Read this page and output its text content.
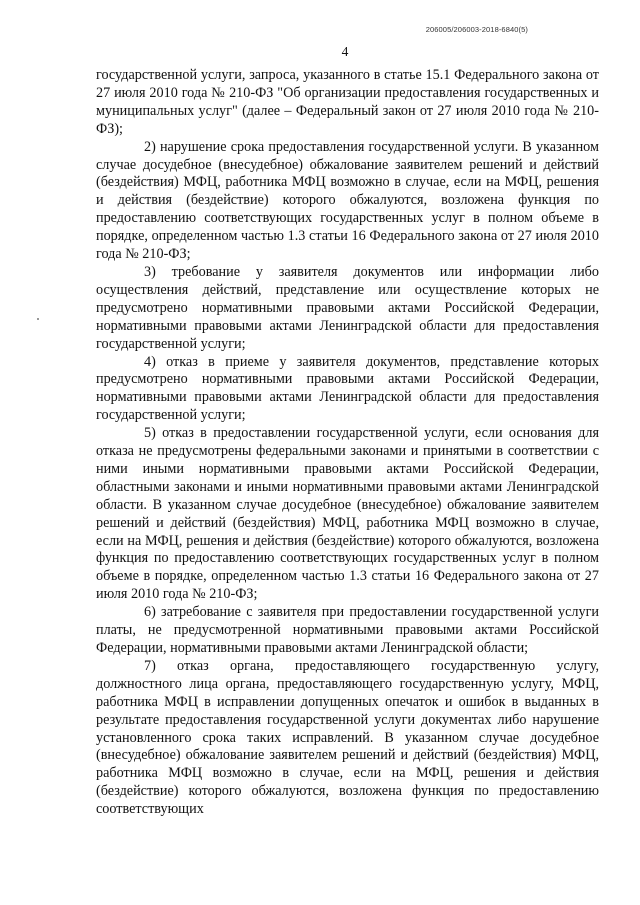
206005/206003-2018-6840(5)
4

государственной услуги, запроса, указанного в статье 15.1 Федерального закона от 27 июля 2010 года № 210-ФЗ "Об организации предоставления государственных и муниципальных услуг" (далее – Федеральный закон от 27 июля 2010 года № 210-ФЗ);

2) нарушение срока предоставления государственной услуги. В указанном случае досудебное (внесудебное) обжалование заявителем решений и действий (бездействия) МФЦ, работника МФЦ возможно в случае, если на МФЦ, решения и действия (бездействие) которого обжалуются, возложена функция по предоставлению соответствующих государственных услуг в полном объеме в порядке, определенном частью 1.3 статьи 16 Федерального закона от 27 июля 2010 года № 210-ФЗ;

3) требование у заявителя документов или информации либо осуществления действий, представление или осуществление которых не предусмотрено нормативными правовыми актами Российской Федерации, нормативными правовыми актами Ленинградской области для предоставления государственной услуги;

4) отказ в приеме у заявителя документов, представление которых предусмотрено нормативными правовыми актами Российской Федерации, нормативными правовыми актами Ленинградской области для предоставления государственной услуги;

5) отказ в предоставлении государственной услуги, если основания для отказа не предусмотрены федеральными законами и принятыми в соответствии с ними иными нормативными правовыми актами Российской Федерации, областными законами и иными нормативными правовыми актами Ленинградской области. В указанном случае досудебное (внесудебное) обжалование заявителем решений и действий (бездействия) МФЦ, работника МФЦ возможно в случае, если на МФЦ, решения и действия (бездействие) которого обжалуются, возложена функция по предоставлению соответствующих государственных услуг в полном объеме в порядке, определенном частью 1.3 статьи 16 Федерального закона от 27 июля 2010 года № 210-ФЗ;

6) затребование с заявителя при предоставлении государственной услуги платы, не предусмотренной нормативными правовыми актами Российской Федерации, нормативными правовыми актами Ленинградской области;

7) отказ органа, предоставляющего государственную услугу, должностного лица органа, предоставляющего государственную услугу, МФЦ, работника МФЦ в исправлении допущенных опечаток и ошибок в выданных в результате предоставления государственной услуги документах либо нарушение установленного срока таких исправлений. В указанном случае досудебное (внесудебное) обжалование заявителем решений и действий (бездействия) МФЦ, работника МФЦ возможно в случае, если на МФЦ, решения и действия (бездействие) которого обжалуются, возложена функция по предоставлению соответствующих
